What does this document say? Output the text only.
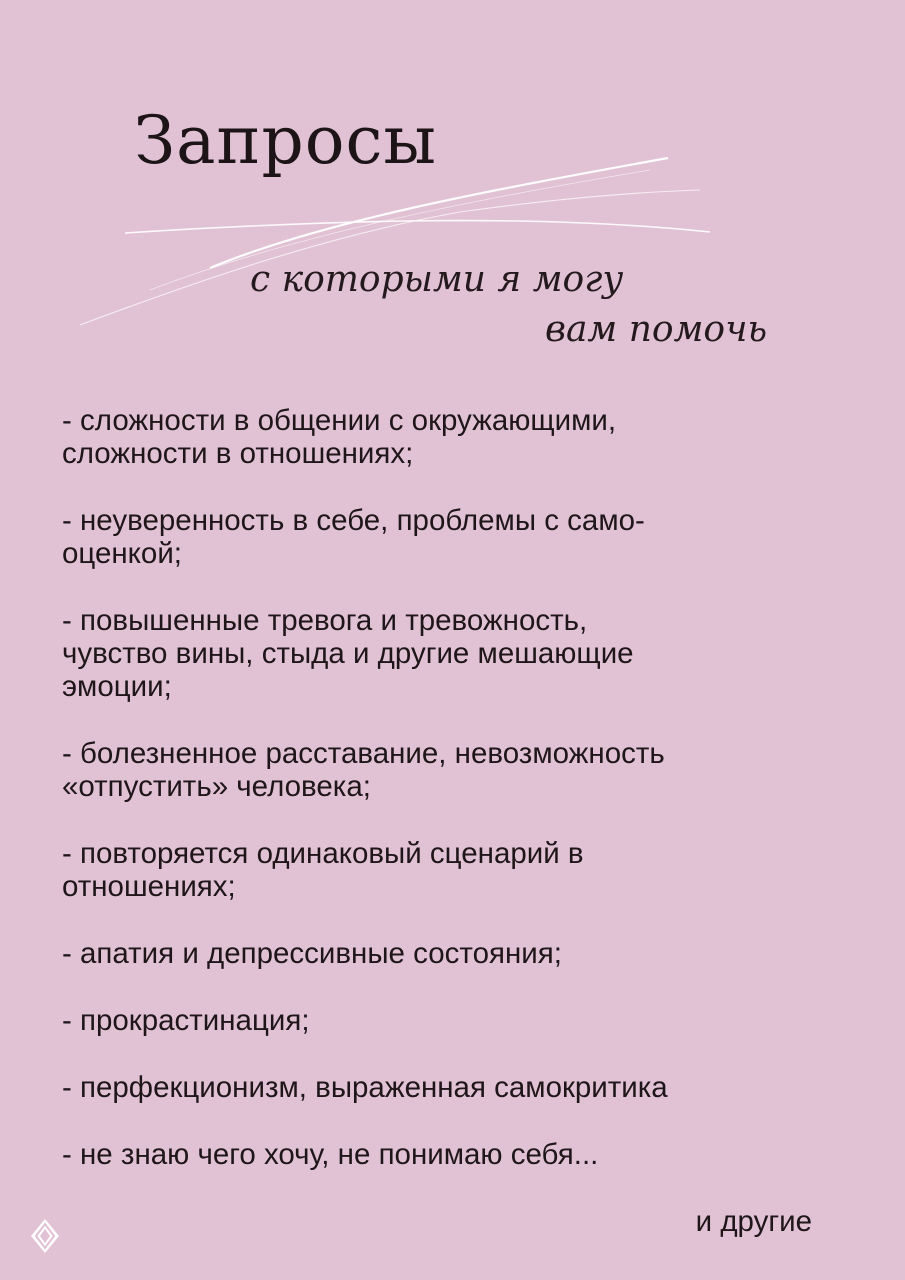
Запросы
с которыми я могу
вам помочь
- сложности в общении с окружающими,
сложности в отношениях;
- неуверенность в себе, проблемы с само-
оценкой;
- повышенные тревога и тревожность,
чувство вины, стыда и другие мешающие
эмоции;
- болезненное расставание, невозможность
«отпустить» человека;
- повторяется одинаковый сценарий в
отношениях;
- апатия и депрессивные состояния;
- прокрастинация;
- перфекционизм, выраженная самокритика
- не знаю чего хочу, не понимаю себя...
и другие
